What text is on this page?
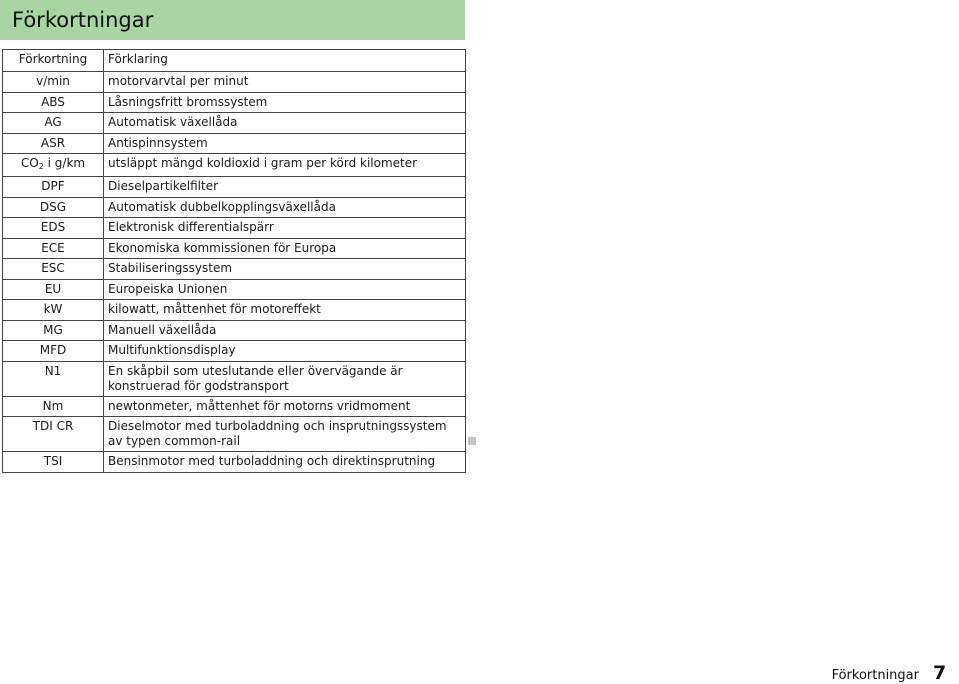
Förkortningar
Förkortning	Förklaring
v/min	motorvarvtal per minut
ABS	Låsningsfritt bromssystem
AG	Automatisk växellåda
ASR	Antispinnsystem
$CO_2$ i g/km	utsläppt mängd koldioxid i gram per körd kilometer
DPF	Dieselpartikelfilter
DSG	Automatisk dubbelkopplingsväxellåda
EDS	Elektronisk differentialspärr
ECE	Ekonomiska kommissionen för Europa
ESC	Stabiliseringssystem
EU	Europeiska Unionen
kW	kilowatt, måttenhet för motoreffekt
MG	Manuell växellåda
MFD	Multifunktionsdisplay
N1	En skåpbil som uteslutande eller övervägande är konstruerad för godstransport
Nm	newtonmeter, måttenhet för motorns vridmoment
TDI CR	Dieselmotor med turboladdning och insprutningssystem av typen common-rail
TSI	Bensinmotor med turboladdning och direktinsprutning
Förkortningar 7
